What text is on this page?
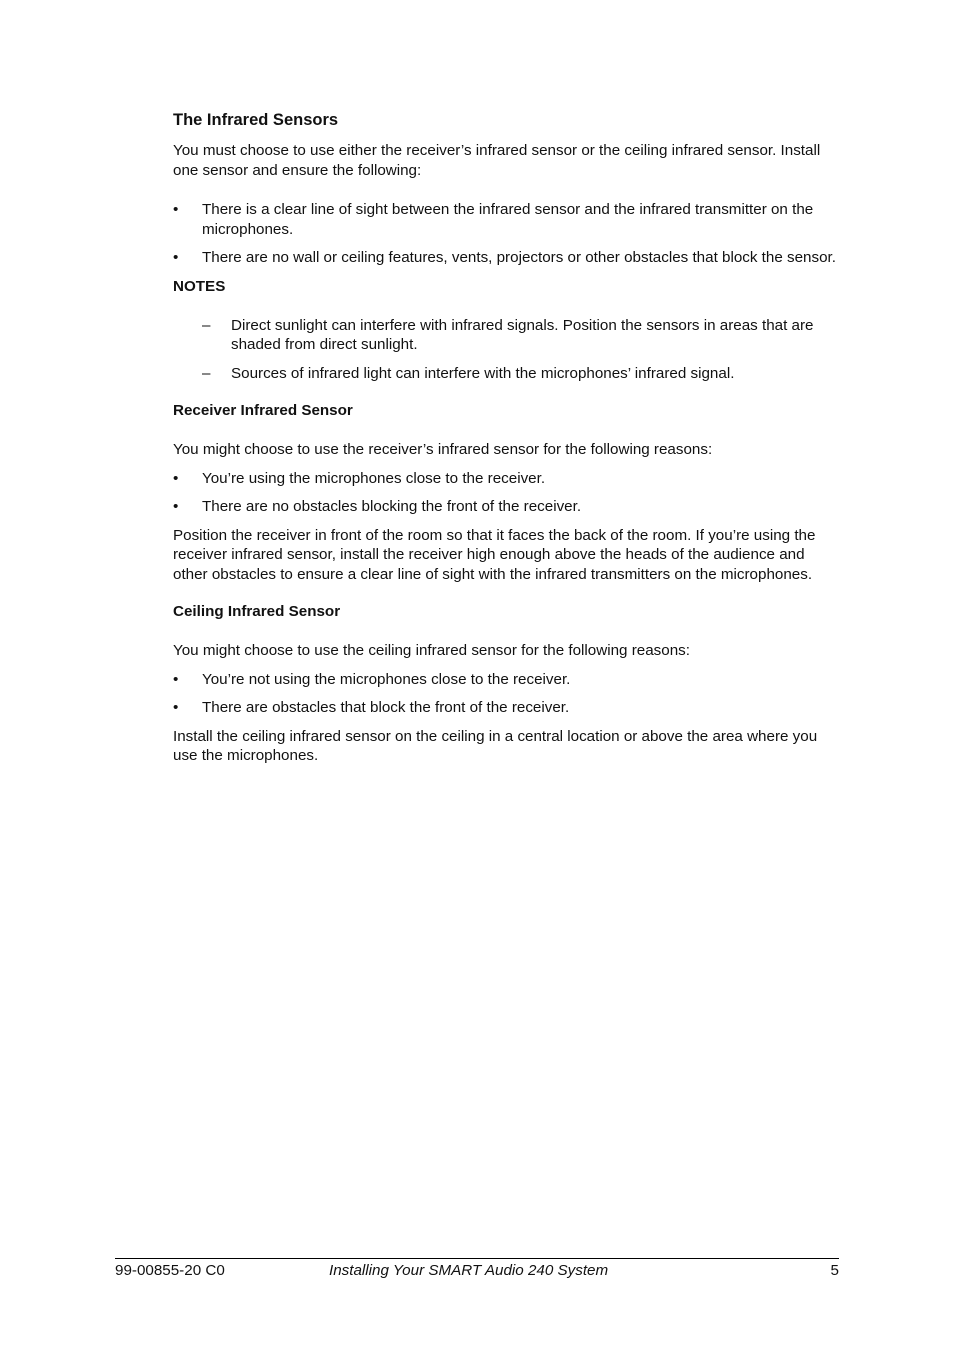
The Infrared Sensors

You must choose to use either the receiver’s infrared sensor or the ceiling infrared sensor. Install one sensor and ensure the following:

• There is a clear line of sight between the infrared sensor and the infrared transmitter on the microphones.
• There are no wall or ceiling features, vents, projectors or other obstacles that block the sensor.
NOTES
– Direct sunlight can interfere with infrared signals. Position the sensors in areas that are shaded from direct sunlight.
– Sources of infrared light can interfere with the microphones’ infrared signal.
Receiver Infrared Sensor

You might choose to use the receiver’s infrared sensor for the following reasons:

• You’re using the microphones close to the receiver.
• There are no obstacles blocking the front of the receiver.

Position the receiver in front of the room so that it faces the back of the room. If you’re using the receiver infrared sensor, install the receiver high enough above the heads of the audience and other obstacles to ensure a clear line of sight with the infrared transmitters on the microphones.

Ceiling Infrared Sensor

You might choose to use the ceiling infrared sensor for the following reasons:

• You’re not using the microphones close to the receiver.
• There are obstacles that block the front of the receiver.

Install the ceiling infrared sensor on the ceiling in a central location or above the area where you use the microphones.

99-00855-20 C0	Installing Your SMART Audio 240 System	5
